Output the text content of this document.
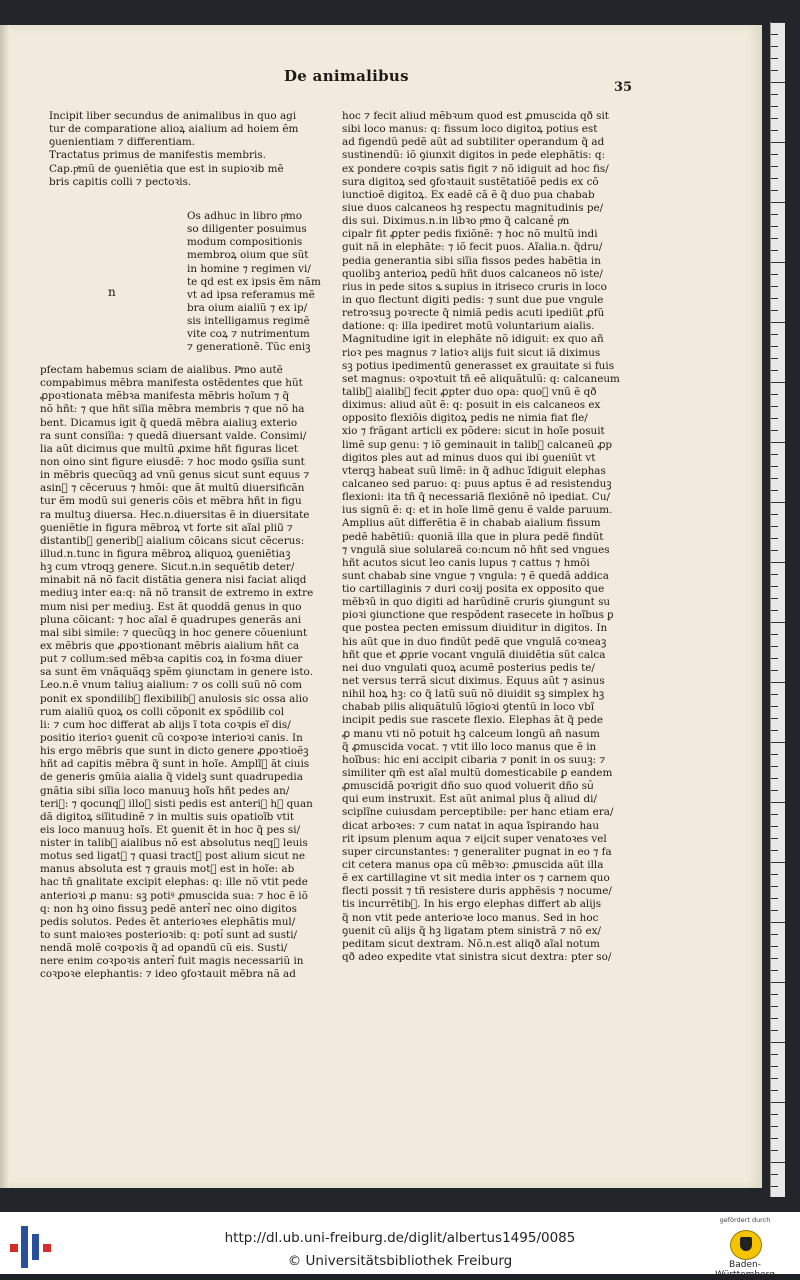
De animalibus
35
n
Incipit liber secundus de animalibus in quo agi
tur de comparatione alioꝝ aialium ad hoiem ẽm
ꝯuenientiam ⁊ differentiam.
Tractatus primus de manifestis membris.
Cap.pͥmũ de ꝯueniẽtia que est in supioꝛib᷒ mẽ
bris capitis colli ⁊ pectoꝛis.
Os adhuc in libro pͥmo
so diligenter posuimus
modum compositionis
membroꝝ oium que sũt
in homine ⁊ regimen vi/
te qd est ex ipsis ẽm nãm
vt ad ipsa referamus mẽ
bra oium aialiũ ⁊ ex ip/
sis intelligamus regimẽ
vite coꝝ ⁊ nutrimentum
⁊ generationẽ. Tũc eniꝫ
pfectam habemus sciam de aialibus. Pͥmo autẽ
compabimus mẽbra manifesta ostẽdentes que hũt
ꝓpoꝛtionata mẽbꝛa manifesta mẽbris hoĩum ⁊ q̃
nõ hñt: ⁊ que hñt siĩia mẽbra membris ⁊ que nõ ha
bent. Dicamus igit̃ q̃ quedã mẽbra aialiuꝫ exterio
ra sunt consiĩia: ⁊ quedã diuersant̃ valde. Consimi/
lia aũt dicimus que multũ ꝓxime hñt figuras licet
non oino sint figure eiusdẽ: ⁊ hoc modo ꝯsiĩia sunt
in mẽbris quecũqꝫ ad vnũ genus sicut sunt equus ⁊
asin᷒ ⁊ cẽceruus ⁊ hmõi: que ãt multũ diuersificãn
tur ẽm modũ sui generis cõis et mẽbra hñt in figu
ra multuꝫ diuersa. Hec.n.diuersitas ẽ in diuersitate
ꝯueniẽtie in figura mẽbroꝝ vt forte sit aĩal pliũ᷒ ⁊
distantib᷒ generib᷒ aialium cõicans sicut cẽcerus:
illud.n.tunc in figura mẽbroꝝ aliquoꝝ ꝯueniẽtiaꝫ
hꝫ cum vtroqꝫ genere. Sicut.n.in sequẽtib᷒ deter/
minabit nã nõ facit distãtia genera nisi faciat aliqd
mediuꝫ inter ea:q: nã nõ transit de extremo in extre
mum nisi per mediuꝫ. Est ãt quoddã genus in quo
pluna cõicant: ⁊ hoc aĩal ẽ quadrupes generãs ani
mal sibi simile: ⁊ quecũqꝫ in hoc genere cõueniunt
ex mẽbris que ꝓpoꝛtionant mẽbris aialium hñt ca
put ⁊ collum:sed mẽbꝛa capitis coꝝ in foꝛma diuer
sa sunt ẽm vnãquãqꝫ spẽm ꝯiunctam in genere isto.
Leo.n.ẽ vnum taliuꝫ aialium: ⁊ os colli suũ nõ com
ponit ex spondilib᷒ flexibilib᷒ anulosis sic ossa alio
rum aialiũ quoꝝ os colli cõponit ex spõdilib᷒ col
li: ⁊ cum hoc differat ab alijs ĩ tota coꝛpis eĩ᷒ dis/
positio iterioꝛ ꝯuenit cũ coꝛpoꝛe interioꝛi canis. In
his ergo mẽbris que sunt in dicto genere ꝓpoꝛtioẽꝫ
hñt ad capitis mẽbra q̃ sunt in hoĩe. Amplĩ᷒ ãt ciuis
de generis ꝯmũia aialia q̃ videlꝫ sunt quadrupedia
gnãtia sibi siĩia loco manuuꝫ hoĩs hñt pedes an/
teri᷒: ⁊ qocunqꝫ illoꝝ sisti pedis est anteri᷒ hꝫ quan
dã digitoꝝ siĩitudinẽ ⁊ in multis suis opatioĩb᷒ vtit̃
eis loco manuuꝫ hoĩs. Et ꝯuenit ẽt in hoc q̃ pes si/
nister in talib᷒ aialibus nõ est absolutus neqꝫ leuis
motus sed ligat᷒ ⁊ quasi tract᷒ post alium sicut ne
manus absoluta est ⁊ grauis mot᷒ est in hoĩe: ab
hac tñ gnalitate excipit̃ elephas: q: ille nõ vtit̃ pede
anterioꝛi ꝓ manu: sꝫ potiꝰ ꝓmuscida sua: ⁊ hoc ẽ iõ
q: non hꝫ oino fissuꝫ pedẽ anteri᷒ nec oino digitos
pedis solutos. Pedes ẽt anterioꝛes elephãtis mul/
to sunt maioꝛes posterioꝛib᷒: q: poti᷒ sunt ad susti/
nendã molẽ coꝛpoꝛis q̃ ad opandũ cũ eis. Susti/
nere enim coꝛpoꝛis anteri᷒ fuit magis necessariũ in
coꝛpoꝛe elephantis: ⁊ ideo ꝯfoꝛtauit mẽbra nã ad
hoc ⁊ fecit aliud mẽbꝛum quod est ꝓmuscida qð sit
sibi loco manus: q: fissum loco digitoꝝ potius est
ad figendũ pedẽ aũt ad subtiliter operandum q̃ ad
sustinendũ: iõ ꝯiunxit digitos in pede elephãtis: q:
ex pondere coꝛpis satis figit̃ ⁊ nõ idiguit ad hoc fis/
sura digitoꝝ sed ꝯfoꝛtauit sustẽtatiõẽ pedis ex cõ
iunctioẽ digitoꝝ. Ex eadẽ cã ẽ q̃ duo pua chabab
siue duos calcaneos hꝫ respectu magnitudinis pe/
dis sui. Diximus.n.in libꝛo pͥmo q̃ calcane᷒ pͥn
cipalr fit ꝓpter pedis fixiõnẽ: ⁊ hoc nõ multũ indi
guit nã in elephãte: ⁊ iõ fecit puos. Aĩalia.n. q̃dru/
pedia generantia sibi siĩia fissos pedes habẽtia in
quolibꝫ anterioꝝ pedũ hñt duos calcaneos nõ iste/
rius in pede sitos s꜡ supius in itriseco cruris in loco
in quo flectunt̃ digiti pedis: ⁊ sunt due pue vngule
retroꝛsuꝫ poꝛrecte q̃ nimiã pedis acuti ipediũt ꝓfũ
datione: q: illa ipediret motũ voluntarium aialis.
Magnitudine igit̃ in elephãte nõ idiguit: ex quo añ
rioꝛ pes magnus ⁊ latioꝛ alijs fuit sicut iã diximus
sꝫ potius ipedimentũ generasset ex grauitate si fuis
set magnus: oꝛpoꝛtuit tñ eẽ aliquãtulũ: q: calcaneum
talib᷒ aialib᷒ fecit ꝓpter duo opa: quoꝝ vnũ ẽ qð
diximus: aliud aũt ẽ: q: posuit in eis calcaneos ex
opposito flexiõis digitoꝝ pedis ne nimia fiat fle/
xio ⁊ frãgant articli ex põdere: sicut in hoĩe posuit
limẽ sup genu: ⁊ iõ geminauit in talib᷒ calcaneũ ꝓp
digitos pl̃es aut ad minus duos qui ibi ꝯueniũt vt
vterqꝫ habeat suũ limẽ: in q̃ adhuc ĩdiguit elephas
calcaneo sed paruo: q: puus aptus ẽ ad resistenduꝫ
flexioni: ita tñ q̃ necessariã flexiõnẽ nõ ipediat. Cu/
ius signũ ẽ: q: et in hoĩe limẽ genu ẽ valde paruum.
Amplius aũt differẽtia ẽ in chabab aialium fissum
pedẽ habẽtiũ: quoniã illa que in plura pedẽ findũt
⁊ vngulã siue solulareã co:ncum nõ hñt sed vngues
hñt acutos sicut leo canis lupus ⁊ cattus ⁊ hmõi
sunt chabab sine vngue ⁊ vngula: ⁊ ẽ quedã addica
tio cartillaginis ⁊ duri coꝛij posita ex opposito que
mẽbꝛũ in quo digiti ad harũdinẽ cruris ꝯiungunt̃ su
pioꝛi ꝯiunctione que respõdent rasecete in hoĩbus ꝑ
que postea pecten emissum diuiditur in digitos. In
his aũt que in duo findũt pedẽ que vngulã coꝛneaꝫ
hñt que et ꝓprie vocant̃ vngulã diuidẽtia sũt calca
nei duo vngulati quoꝝ acumẽ posterius pedis te/
net versus terrã sicut diximus. Equus aũt ⁊ asinus
nihil hoꝝ hꝫ: co q̃ latũ suũ nõ diuidit sꝫ simplex hꝫ
chabab pilis aliquãtulũ lõgioꝛi ꝯtentũ in loco vbĩ
incipit pedis sue rascete flexio. Elephas ãt q̃ pede
ꝓ manu vti nõ potuit hꝫ calceum longũ añ nasum
q̃ ꝓmuscida vocat̃. ⁊ vtit̃ illo loco manus que ẽ in
hoĩbus: hic eni accipit cibaria ⁊ ponit in os suuꝫ: ⁊
similiter qm̃ est aĩal multũ domesticabile ꝑ eandem
ꝓmuscidã poꝛrigit dño suo quod voluerit dño su᷒
qui eum instruxit. Est aũt animal plus q̃ aliud di/
sciplĩne cuiusdam perceptibile: per hanc etiam era/
dicat arboꝛes: ⁊ cum natat in aqua ĩspirando hau
rit ipsum plenum aqua ⁊ eijcit super venatoꝛes vel
super circunstantes: ⁊ generaliter pugnat in eo ⁊ fa
cit cetera manus opa cũ mẽbꝛo: ꝓmuscida aũt illa
ẽ ex cartillagine vt sit media inter os ⁊ carnem quo
flecti possit ⁊ tñ resistere duris apphẽsis ⁊ nocume/
tis incurrẽtib᷒. In his ergo elephas differt ab alijs
q̃ non vtit̃ pede anterioꝛe loco manus. Sed in hoc
ꝯuenit cũ alijs q̃ hꝫ ligatam ptem sinistrã ⁊ nõ ex/
peditam sicut dextram. Nõ.n.est aliqð aĩal notum
qð adeo expedite vtat̃ sinistra sicut dextra: pter so/
http://dl.ub.uni-freiburg.de/diglit/albertus1495/0085
© Universitätsbibliothek Freiburg
gefördert durch
Baden-Württemberg
